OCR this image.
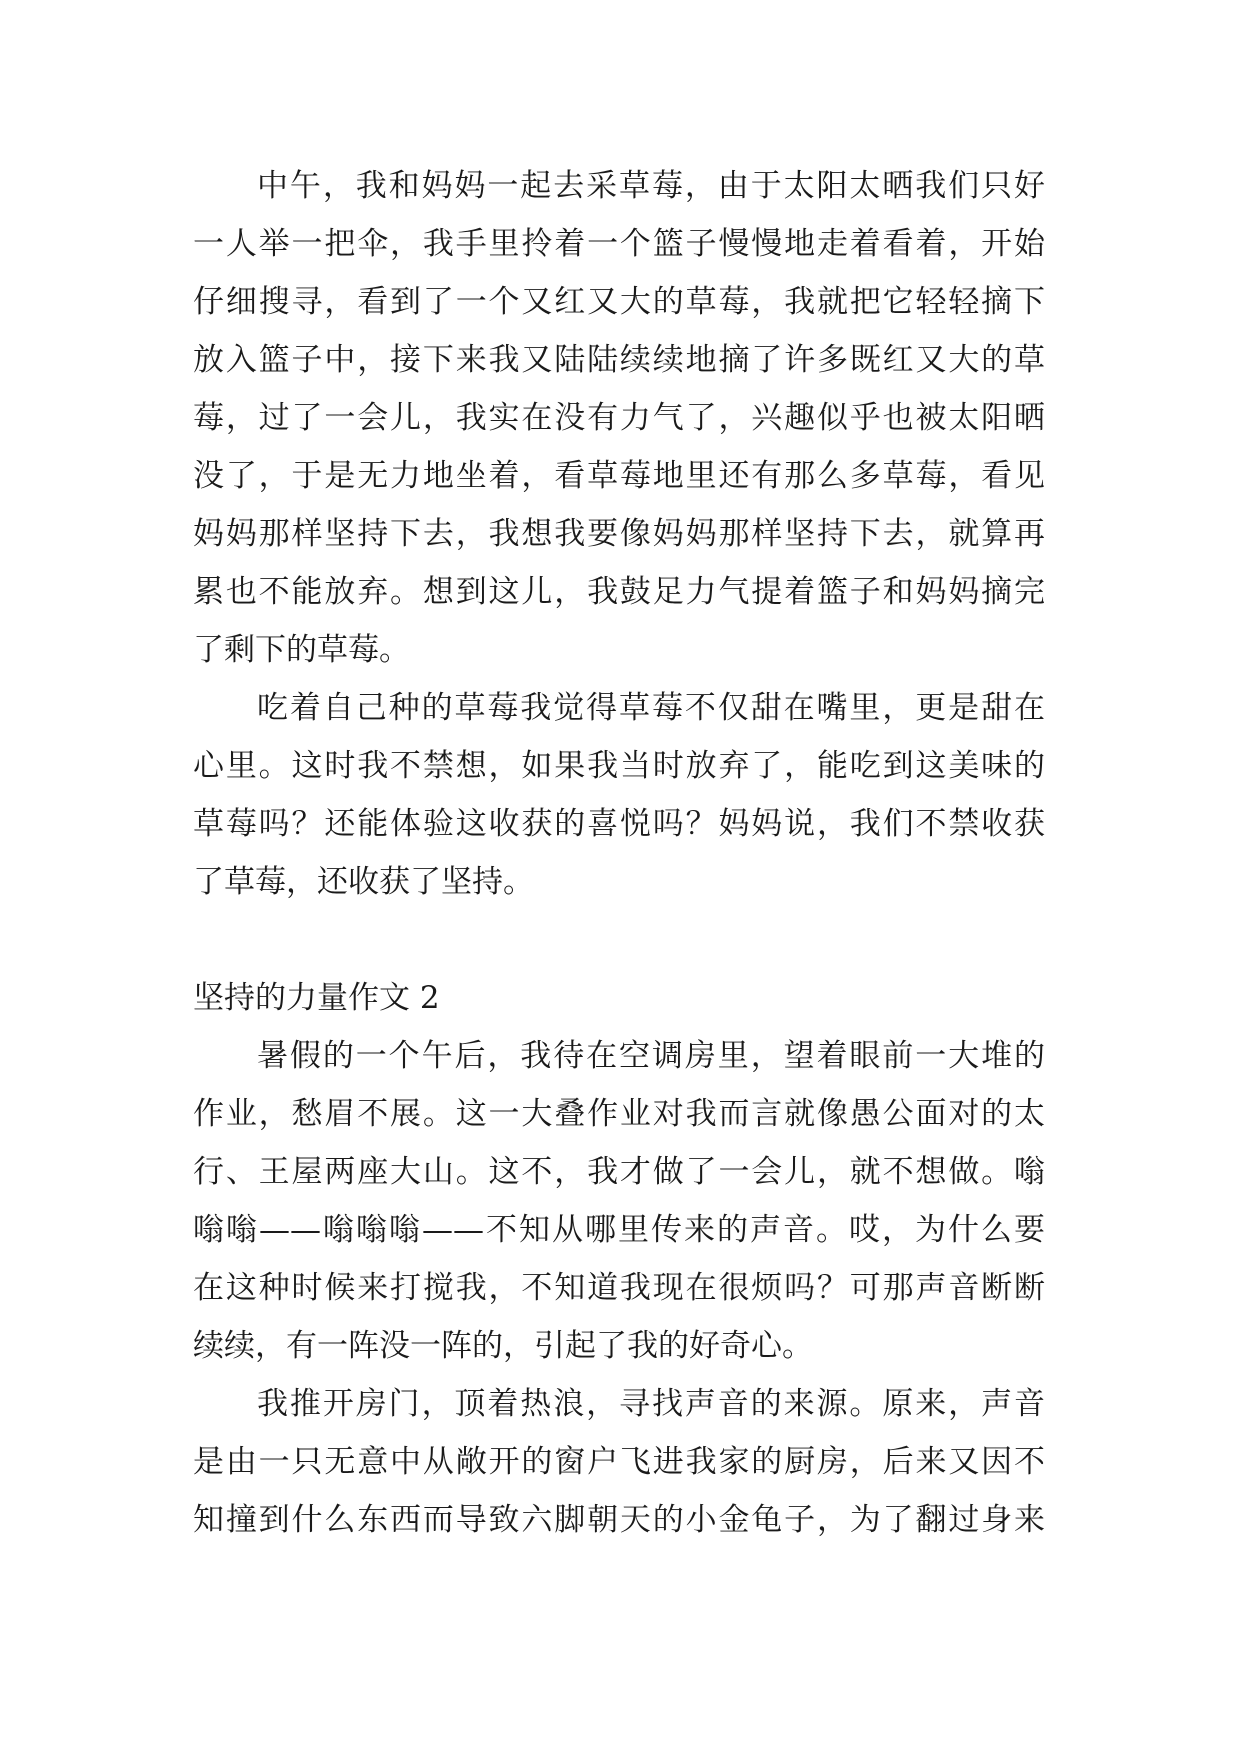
中午，我和妈妈一起去采草莓，由于太阳太晒我们只好
一人举一把伞，我手里拎着一个篮子慢慢地走着看着，开始
仔细搜寻，看到了一个又红又大的草莓，我就把它轻轻摘下
放入篮子中，接下来我又陆陆续续地摘了许多既红又大的草
莓，过了一会儿，我实在没有力气了，兴趣似乎也被太阳晒
没了，于是无力地坐着，看草莓地里还有那么多草莓，看见
妈妈那样坚持下去，我想我要像妈妈那样坚持下去，就算再
累也不能放弃。想到这儿，我鼓足力气提着篮子和妈妈摘完
了剩下的草莓。
吃着自己种的草莓我觉得草莓不仅甜在嘴里，更是甜在
心里。这时我不禁想，如果我当时放弃了，能吃到这美味的
草莓吗？还能体验这收获的喜悦吗？妈妈说，我们不禁收获
了草莓，还收获了坚持。
坚持的力量作文 2
暑假的一个午后，我待在空调房里，望着眼前一大堆的
作业，愁眉不展。这一大叠作业对我而言就像愚公面对的太
行、王屋两座大山。这不，我才做了一会儿，就不想做。嗡
嗡嗡——嗡嗡嗡——不知从哪里传来的声音。哎，为什么要
在这种时候来打搅我，不知道我现在很烦吗？可那声音断断
续续，有一阵没一阵的，引起了我的好奇心。
我推开房门，顶着热浪，寻找声音的来源。原来，声音
是由一只无意中从敞开的窗户飞进我家的厨房，后来又因不
知撞到什么东西而导致六脚朝天的小金龟子，为了翻过身来
